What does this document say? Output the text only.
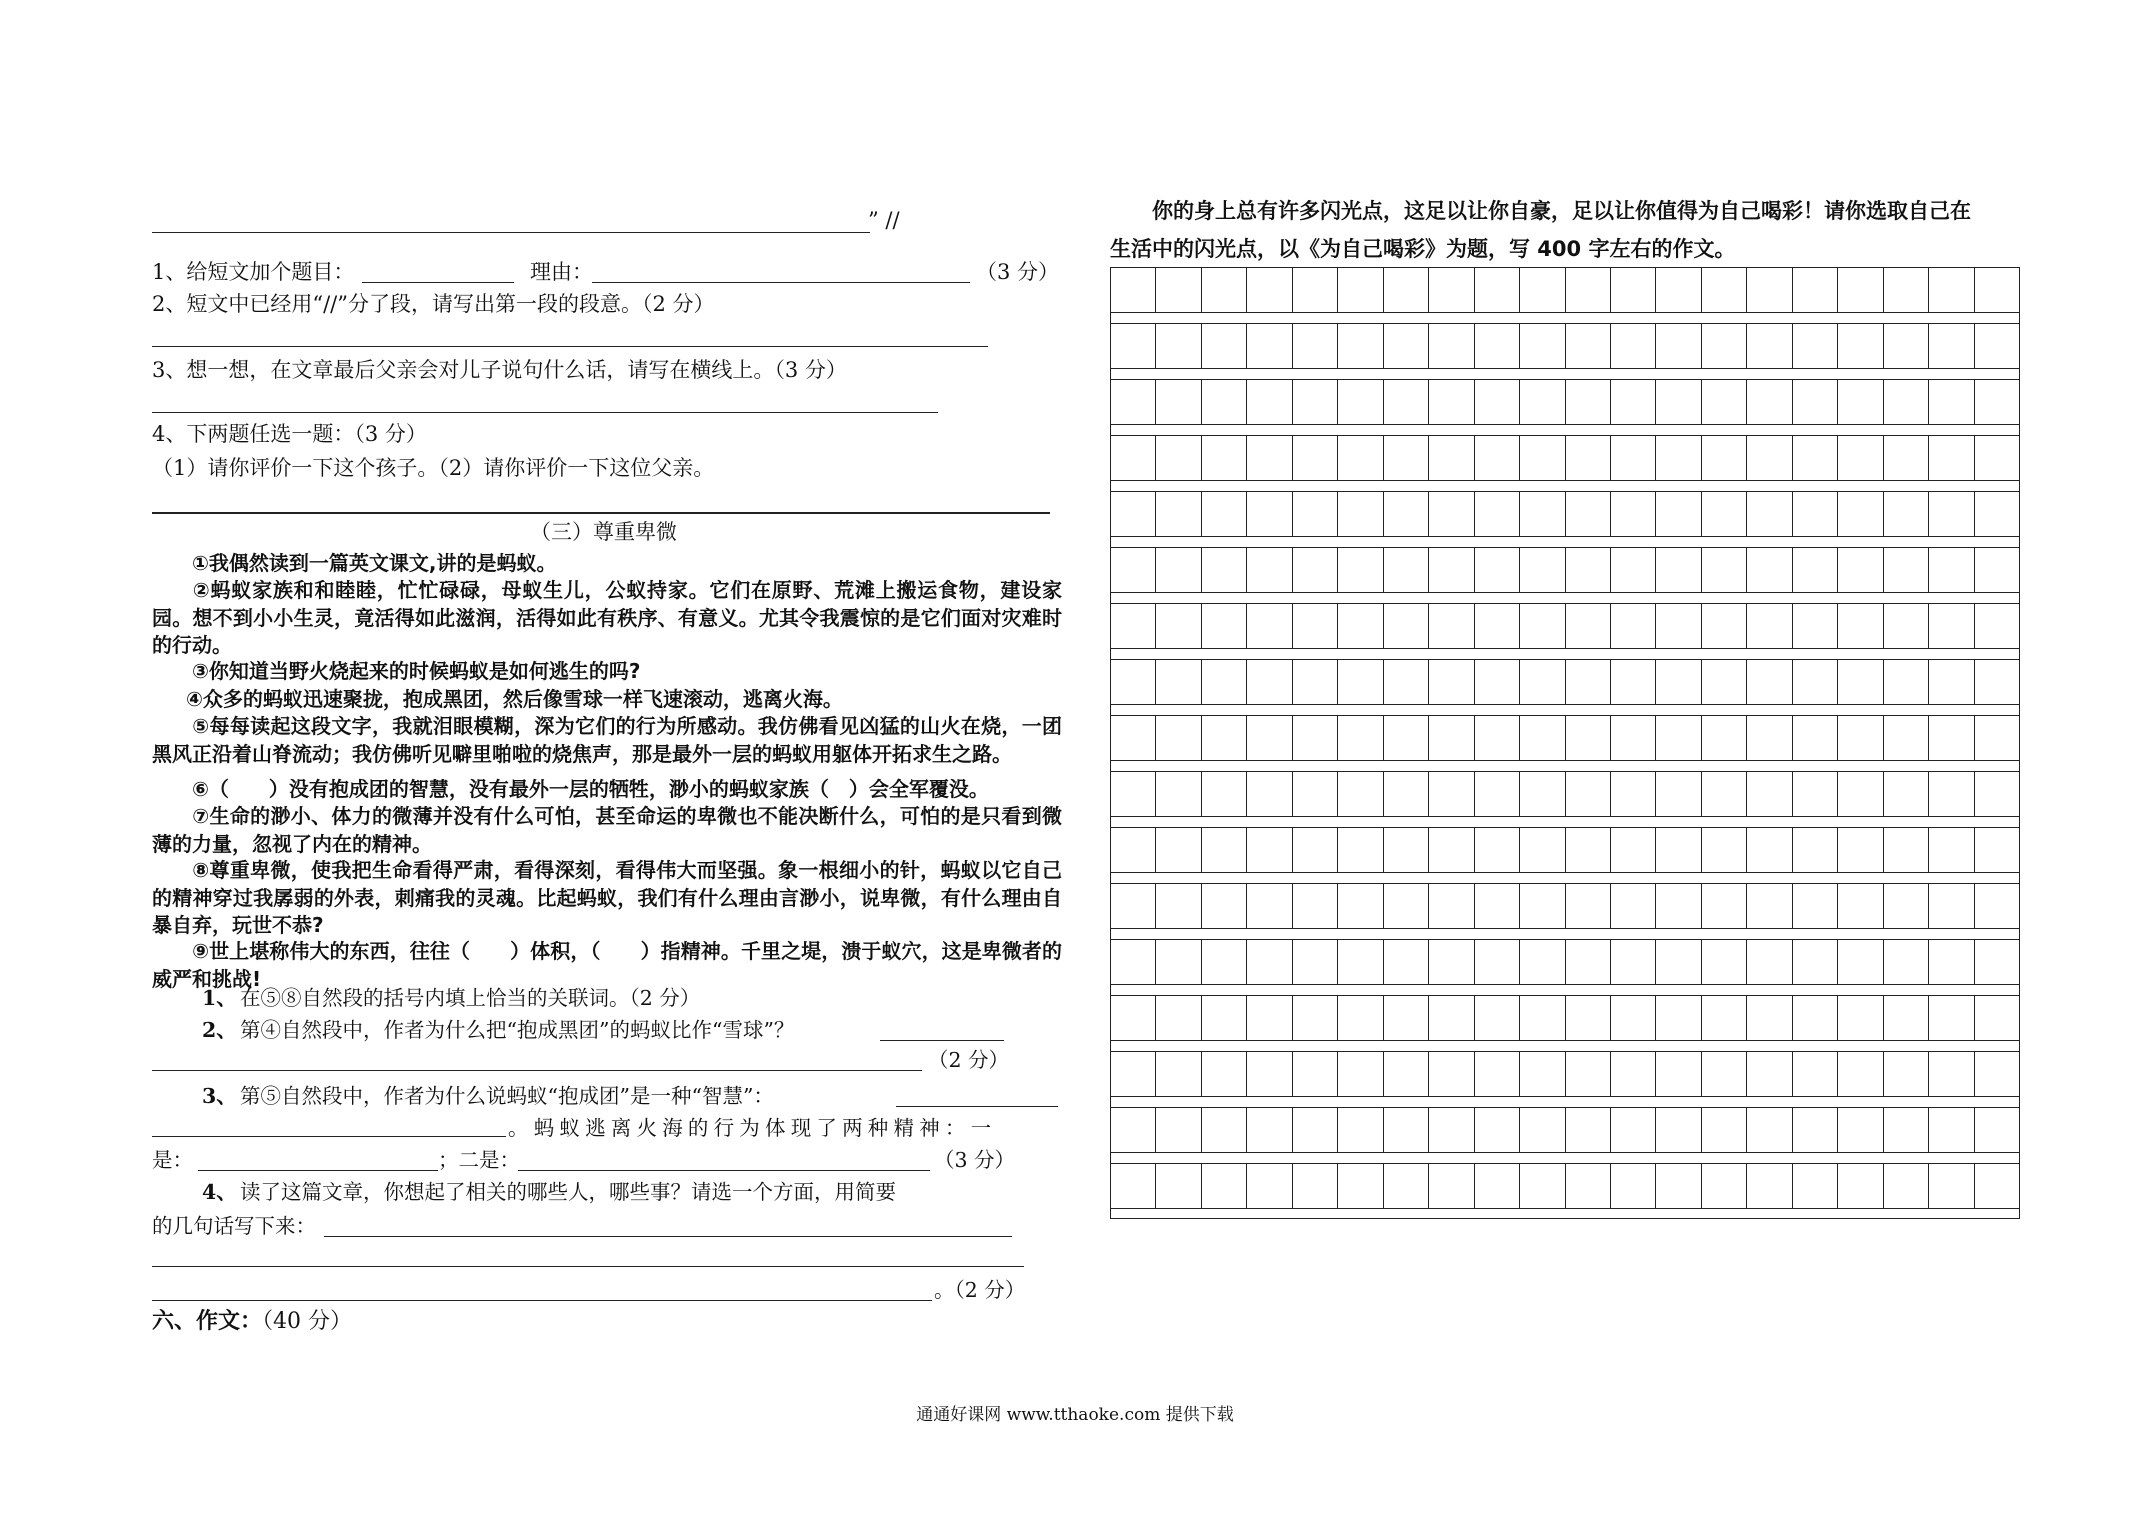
” //
1、给短文加个题目：	理由：	（3 分）
2、短文中已经用“//”分了段，请写出第一段的段意。（2 分）
3、想一想，在文章最后父亲会对儿子说句什么话，请写在横线上。（3 分）
4、下两题任选一题：（3 分）
（1）请你评价一下这个孩子。（2）请你评价一下这位父亲。
（三）尊重卑微
①我偶然读到一篇英文课文,讲的是蚂蚁。
②蚂蚁家族和和睦睦，忙忙碌碌，母蚁生儿，公蚁持家。它们在原野、荒滩上搬运食物，建设家园。想不到小小生灵，竟活得如此滋润，活得如此有秩序、有意义。尤其令我震惊的是它们面对灾难时的行动。
③你知道当野火烧起来的时候蚂蚁是如何逃生的吗?
④众多的蚂蚁迅速聚拢，抱成黑团，然后像雪球一样飞速滚动，逃离火海。
⑤每每读起这段文字，我就泪眼模糊，深为它们的行为所感动。我仿佛看见凶猛的山火在烧，一团黑风正沿着山脊流动；我仿佛听见噼里啪啦的烧焦声，那是最外一层的蚂蚁用躯体开拓求生之路。
⑥（　　）没有抱成团的智慧，没有最外一层的牺牲，渺小的蚂蚁家族（　）会全军覆没。
⑦生命的渺小、体力的微薄并没有什么可怕，甚至命运的卑微也不能决断什么，可怕的是只看到微薄的力量，忽视了内在的精神。
⑧尊重卑微，使我把生命看得严肃，看得深刻，看得伟大而坚强。象一根细小的针，蚂蚁以它自己的精神穿过我孱弱的外表，刺痛我的灵魂。比起蚂蚁，我们有什么理由言渺小，说卑微，有什么理由自暴自弃，玩世不恭?
⑨世上堪称伟大的东西，往往（　　）体积，（　　）指精神。千里之堤，溃于蚁穴，这是卑微者的威严和挑战!
1、 在⑤⑧自然段的括号内填上恰当的关联词。（2 分）
2、 第④自然段中，作者为什么把“抱成黑团”的蚂蚁比作“雪球”？
（2 分）
3、 第⑤自然段中，作者为什么说蚂蚁“抱成团”是一种“智慧”：
。蚂蚁逃离火海的行为体现了两种精神：一
是：	；二是：	（3 分）
4、 读了这篇文章，你想起了相关的哪些人，哪些事？请选一个方面，用简要
的几句话写下来：
。（2 分）
六、作文：（40 分）
你的身上总有许多闪光点，这足以让你自豪，足以让你值得为自己喝彩！请你选取自己在
生活中的闪光点，以《为自己喝彩》为题，写 400 字左右的作文。
通通好课网 www.tthaoke.com 提供下载
